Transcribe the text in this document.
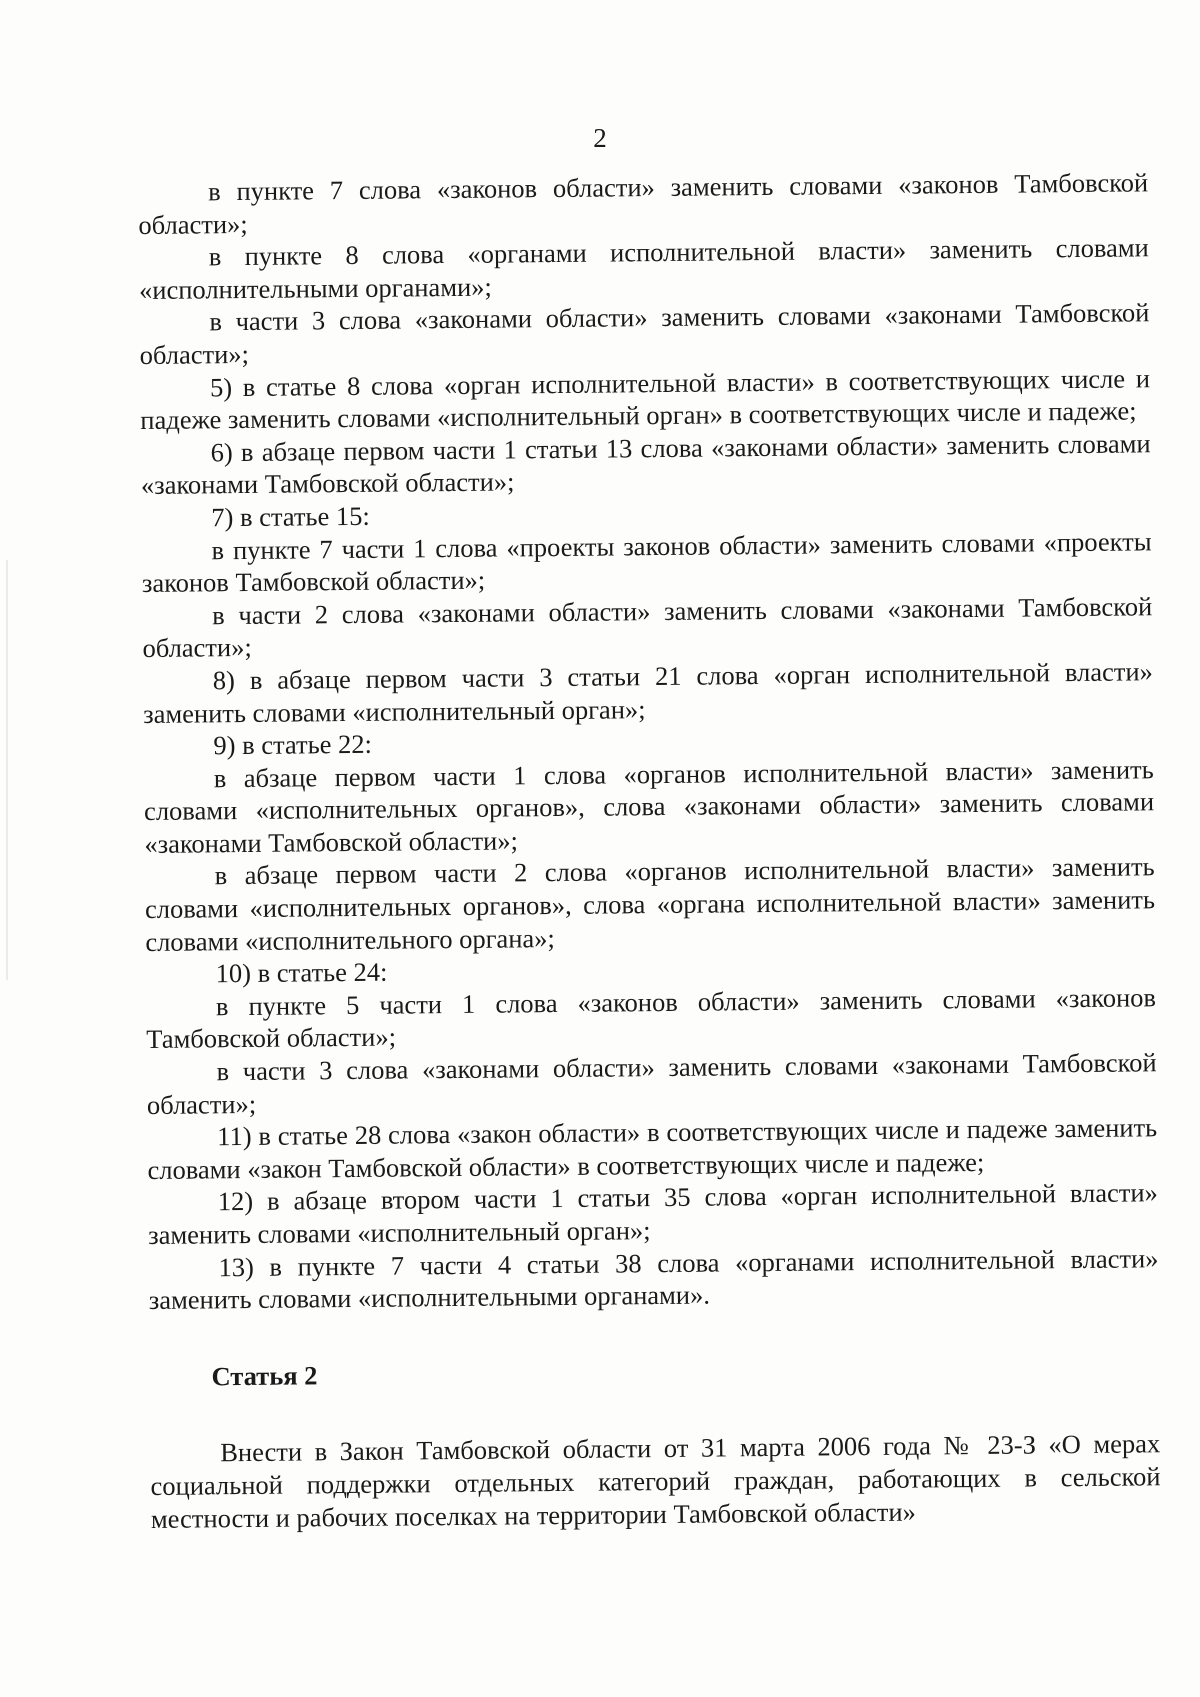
2

в пункте 7 слова «законов области» заменить словами «законов Тамбовской области»;

в пункте 8 слова «органами исполнительной власти» заменить словами «исполнительными органами»;

в части 3 слова «законами области» заменить словами «законами Тамбовской области»;

5) в статье 8 слова «орган исполнительной власти» в соответствующих числе и падеже заменить словами «исполнительный орган» в соответствующих числе и падеже;

6) в абзаце первом части 1 статьи 13 слова «законами области» заменить словами «законами Тамбовской области»;

7) в статье 15:

в пункте 7 части 1 слова «проекты законов области» заменить словами «проекты законов Тамбовской области»;

в части 2 слова «законами области» заменить словами «законами Тамбовской области»;

8) в абзаце первом части 3 статьи 21 слова «орган исполнительной власти» заменить словами «исполнительный орган»;

9) в статье 22:

в абзаце первом части 1 слова «органов исполнительной власти» заменить словами «исполнительных органов», слова «законами области» заменить словами «законами Тамбовской области»;

в абзаце первом части 2 слова «органов исполнительной власти» заменить словами «исполнительных органов», слова «органа исполнительной власти» заменить словами «исполнительного органа»;

10) в статье 24:

в пункте 5 части 1 слова «законов области» заменить словами «законов Тамбовской области»;

в части 3 слова «законами области» заменить словами «законами Тамбовской области»;

11) в статье 28 слова «закон области» в соответствующих числе и падеже заменить словами «закон Тамбовской области» в соответствующих числе и падеже;

12) в абзаце втором части 1 статьи 35 слова «орган исполнительной власти» заменить словами «исполнительный орган»;

13) в пункте 7 части 4 статьи 38 слова «органами исполнительной власти» заменить словами «исполнительными органами».

Статья 2

Внести в Закон Тамбовской области от 31 марта 2006 года № 23-З «О мерах социальной поддержки отдельных категорий граждан, работающих в сельской местности и рабочих поселках на территории Тамбовской области»
